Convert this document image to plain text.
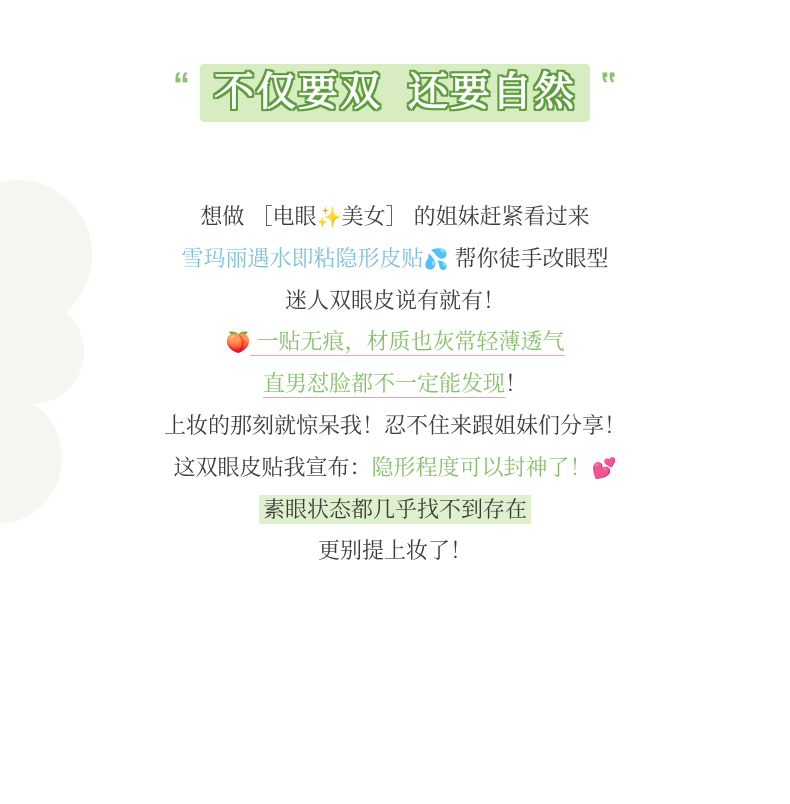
“ 不仅要双 还要自然 ”
想做 ［电眼✨美女］ 的姐妹赶紧看过来
雪玛丽遇水即粘隐形皮贴💦 帮你徒手改眼型
迷人双眼皮说有就有！
🍑 一贴无痕，材质也灰常轻薄透气
直男怼脸都不一定能发现！
上妆的那刻就惊呆我！忍不住来跟姐妹们分享！
这双眼皮贴我宣布：隐形程度可以封神了！💕
素眼状态都几乎找不到存在
更别提上妆了！
